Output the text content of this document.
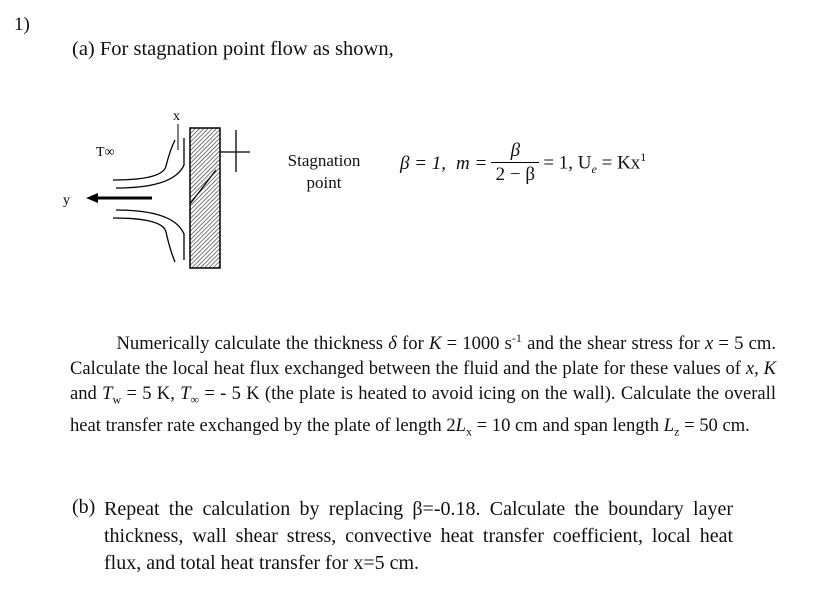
1)
(a) For stagnation point flow as shown,
x
y
T∞	Stagnation
point
β = 1, m =
β
2 − β
= 1, $U_e = Kx^1$
   Numerically calculate the thickness δ for K = 1000 $s^{-1}$ and the shear stress for x = 5 cm. Calculate the local heat flux exchanged between the fluid and the plate for these values of x, K and $T_w = 5$ K, $T_\infty$ = - 5 K (the plate is heated to avoid icing on the wall). Calculate the overall heat transfer rate exchanged by the plate of length $2L_x = 10$ cm and span length $L_z = 50$ cm.
(b) Repeat the calculation by replacing β=-0.18. Calculate the boundary layer thickness, wall shear stress, convective heat transfer coefficient, local heat flux, and total heat transfer for x=5 cm.
